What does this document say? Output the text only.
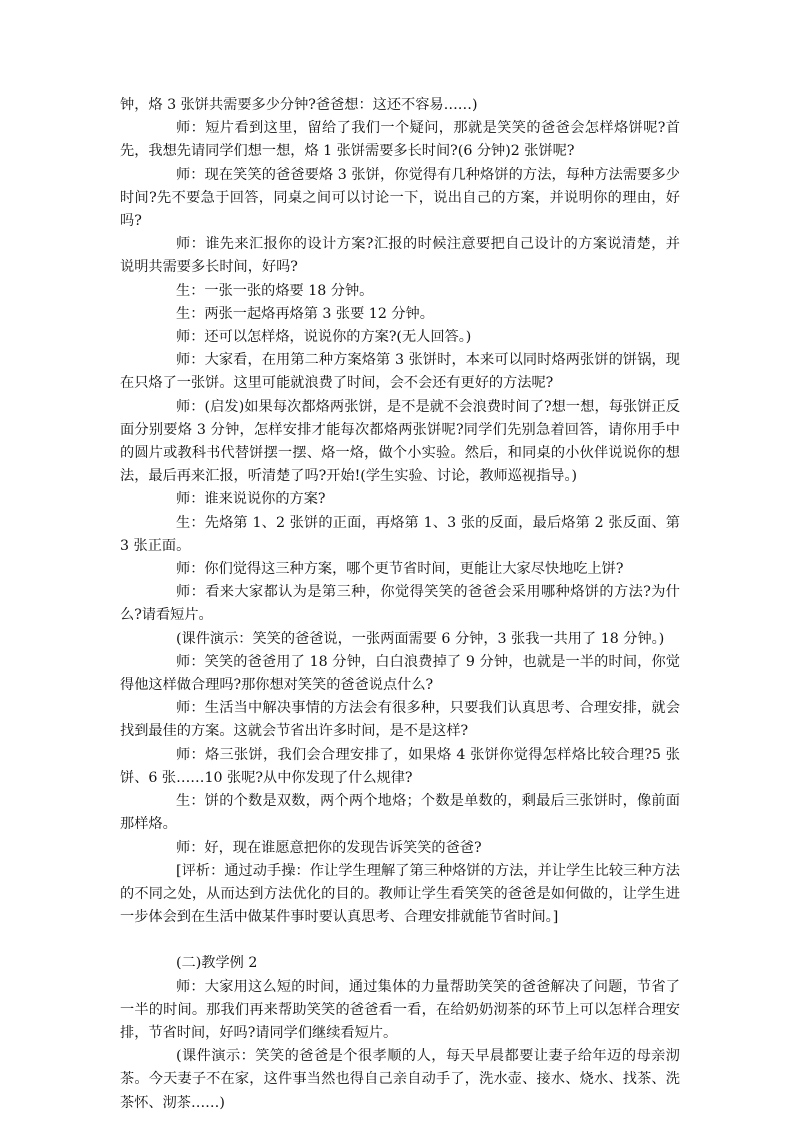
钟，烙 3 张饼共需要多少分钟?爸爸想：这还不容易……)

师：短片看到这里，留给了我们一个疑问，那就是笑笑的爸爸会怎样烙饼呢?首先，我想先请同学们想一想，烙 1 张饼需要多长时间?(6 分钟)2 张饼呢?

师：现在笑笑的爸爸要烙 3 张饼，你觉得有几种烙饼的方法，每种方法需要多少时间?先不要急于回答，同桌之间可以讨论一下，说出自己的方案，并说明你的理由，好吗?

师：谁先来汇报你的设计方案?汇报的时候注意要把自己设计的方案说清楚，并说明共需要多长时间，好吗?

生：一张一张的烙要 18 分钟。

生：两张一起烙再烙第 3 张要 12 分钟。

师：还可以怎样烙，说说你的方案?(无人回答。)

师：大家看，在用第二种方案烙第 3 张饼时，本来可以同时烙两张饼的饼锅，现在只烙了一张饼。这里可能就浪费了时间，会不会还有更好的方法呢?

师：(启发)如果每次都烙两张饼，是不是就不会浪费时间了?想一想，每张饼正反面分别要烙 3 分钟，怎样安排才能每次都烙两张饼呢?同学们先别急着回答，请你用手中的圆片或教科书代替饼摆一摆、烙一烙，做个小实验。然后，和同桌的小伙伴说说你的想法，最后再来汇报，听清楚了吗?开始!(学生实验、讨论，教师巡视指导。)

师：谁来说说你的方案?

生：先烙第 1、2 张饼的正面，再烙第 1、3 张的反面，最后烙第 2 张反面、第 3 张正面。

师：你们觉得这三种方案，哪个更节省时间，更能让大家尽快地吃上饼?

师：看来大家都认为是第三种，你觉得笑笑的爸爸会采用哪种烙饼的方法?为什么?请看短片。

(课件演示：笑笑的爸爸说，一张两面需要 6 分钟，3 张我一共用了 18 分钟。)

师：笑笑的爸爸用了 18 分钟，白白浪费掉了 9 分钟，也就是一半的时间，你觉得他这样做合理吗?那你想对笑笑的爸爸说点什么?

师：生活当中解决事情的方法会有很多种，只要我们认真思考、合理安排，就会找到最佳的方案。这就会节省出许多时间，是不是这样?

师：烙三张饼，我们会合理安排了，如果烙 4 张饼你觉得怎样烙比较合理?5 张饼、6 张……10 张呢?从中你发现了什么规律?

生：饼的个数是双数，两个两个地烙；个数是单数的，剩最后三张饼时，像前面那样烙。

师：好，现在谁愿意把你的发现告诉笑笑的爸爸?

[评析：通过动手操：作让学生理解了第三种烙饼的方法，并让学生比较三种方法的不同之处，从而达到方法优化的目的。教师让学生看笑笑的爸爸是如何做的，让学生进一步体会到在生活中做某件事时要认真思考、合理安排就能节省时间。]

(二)教学例 2

师：大家用这么短的时间，通过集体的力量帮助笑笑的爸爸解决了问题，节省了一半的时间。那我们再来帮助笑笑的爸爸看一看，在给奶奶沏茶的环节上可以怎样合理安排，节省时间，好吗?请同学们继续看短片。

(课件演示：笑笑的爸爸是个很孝顺的人，每天早晨都要让妻子给年迈的母亲沏茶。今天妻子不在家，这件事当然也得自己亲自动手了，洗水壶、接水、烧水、找茶、洗茶怀、沏茶……)
